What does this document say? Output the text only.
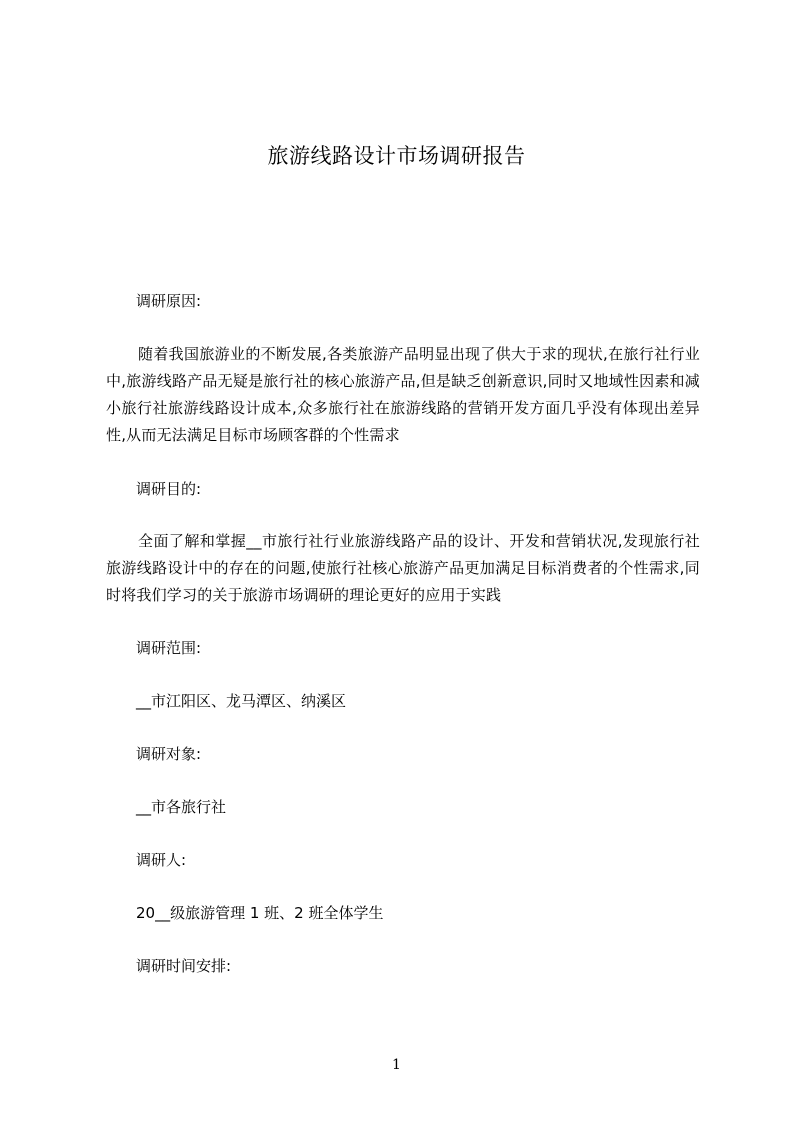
旅游线路设计市场调研报告
调研原因:
随着我国旅游业的不断发展,各类旅游产品明显出现了供大于求的现状,在旅行社行业中,旅游线路产品无疑是旅行社的核心旅游产品,但是缺乏创新意识,同时又地域性因素和减小旅行社旅游线路设计成本,众多旅行社在旅游线路的营销开发方面几乎没有体现出差异性,从而无法满足目标市场顾客群的个性需求
调研目的:
全面了解和掌握__市旅行社行业旅游线路产品的设计、开发和营销状况,发现旅行社旅游线路设计中的存在的问题,使旅行社核心旅游产品更加满足目标消费者的个性需求,同时将我们学习的关于旅游市场调研的理论更好的应用于实践
调研范围:
__市江阳区、龙马潭区、纳溪区
调研对象:
__市各旅行社
调研人:
20__级旅游管理 1 班、2 班全体学生
调研时间安排:
1
